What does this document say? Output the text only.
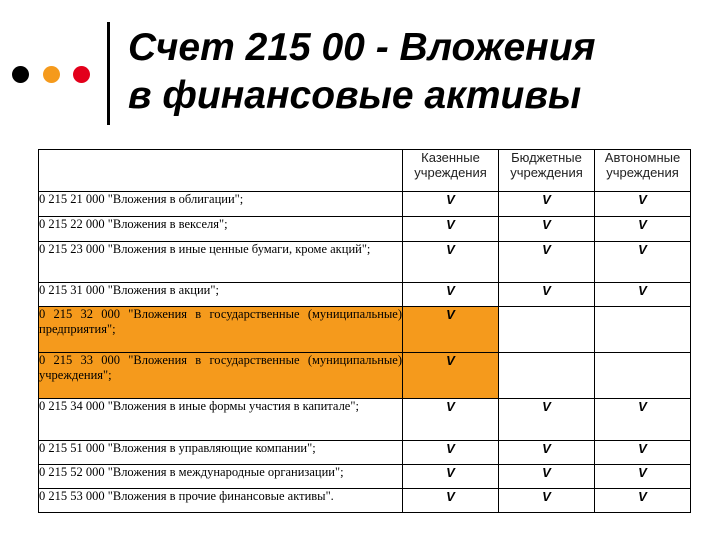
Счет 215 00 - Вложения
в финансовые активы
	Казенные учреждения	Бюджетные учреждения	Автономные учреждения
0 215 21 000 "Вложения в облигации";	V	V	V
0 215 22 000 "Вложения в векселя";	V	V	V
0 215 23 000 "Вложения в иные ценные бумаги, кроме акций";	V	V	V
0 215 31 000 "Вложения в акции";	V	V	V
0 215 32 000 "Вложения в государственные (муниципальные) предприятия";	V		
0 215 33 000 "Вложения в государственные (муниципальные) учреждения";	V		
0 215 34 000 "Вложения в иные формы участия в капитале";	V	V	V
0 215 51 000 "Вложения в управляющие компании";	V	V	V
0 215 52 000 "Вложения в международные организации";	V	V	V
0 215 53 000 "Вложения в прочие финансовые активы".	V	V	V
